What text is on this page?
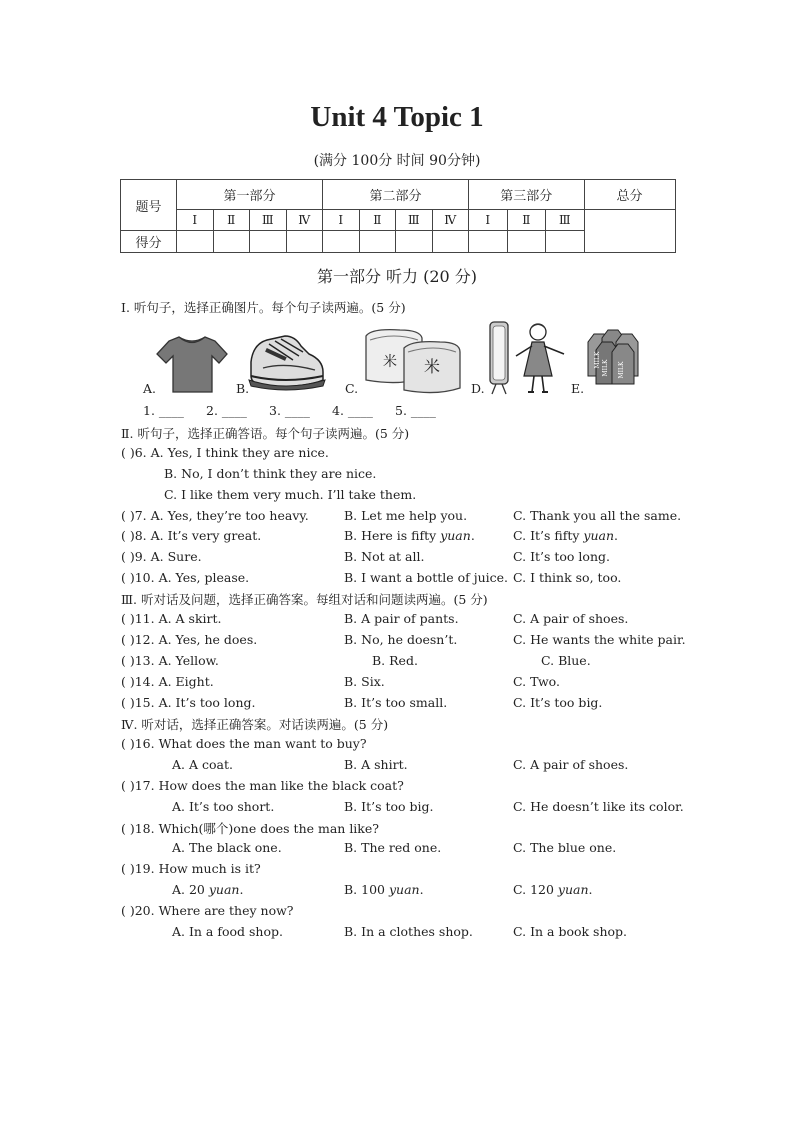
Unit 4 Topic 1
(满分 100分 时间 90分钟)
题号	第一部分				第二部分				第三部分			总分
	Ⅰ	Ⅱ	Ⅲ	Ⅳ	Ⅰ	Ⅱ	Ⅲ	Ⅳ	Ⅰ	Ⅱ	Ⅲ	
得分												
第一部分 听力 (20 分)
Ⅰ. 听句子，选择正确图片。每个句子读两遍。(5 分)
A.	B.	C.
米 米
D.	E.
MILK MILK
MILK
1. ____ 2. ____ 3. ____ 4. ____ 5. ____
Ⅱ. 听句子，选择正确答语。每个句子读两遍。(5 分)
( )6. A. Yes, I think they are nice.
B. No, I don’t think they are nice.
C. I like them very much. I’ll take them.
( )7. A. Yes, they’re too heavy.	B. Let me help you.	C. Thank you all the same.
( )8. A. It’s very great.	B. Here is fifty yuan.	C. It’s fifty yuan.
( )9. A. Sure.	B. Not at all.	C. It’s too long.
( )10. A. Yes, please.	B. I want a bottle of juice. C. I think so, too.
Ⅲ. 听对话及问题，选择正确答案。每组对话和问题读两遍。(5 分)
( )11. A. A skirt.	B. A pair of pants.	C. A pair of shoes.
( )12. A. Yes, he does.	B. No, he doesn’t.	C. He wants the white pair.
( )13. A. Yellow.	B. Red.	C. Blue.
( )14. A. Eight.	B. Six.	C. Two.
( )15. A. It’s too long.	B. It’s too small.	C. It’s too big.
Ⅳ. 听对话，选择正确答案。对话读两遍。(5 分)
( )16. What does the man want to buy?
A. A coat.	B. A shirt.	C. A pair of shoes.
( )17. How does the man like the black coat?
A. It’s too short.	B. It’s too big.	C. He doesn’t like its color.
( )18. Which(哪个)one does the man like?
A. The black one.	B. The red one.	C. The blue one.
( )19. How much is it?
A. 20 yuan.	B. 100 yuan.	C. 120 yuan.
( )20. Where are they now?
A. In a food shop.	B. In a clothes shop.	C. In a book shop.
